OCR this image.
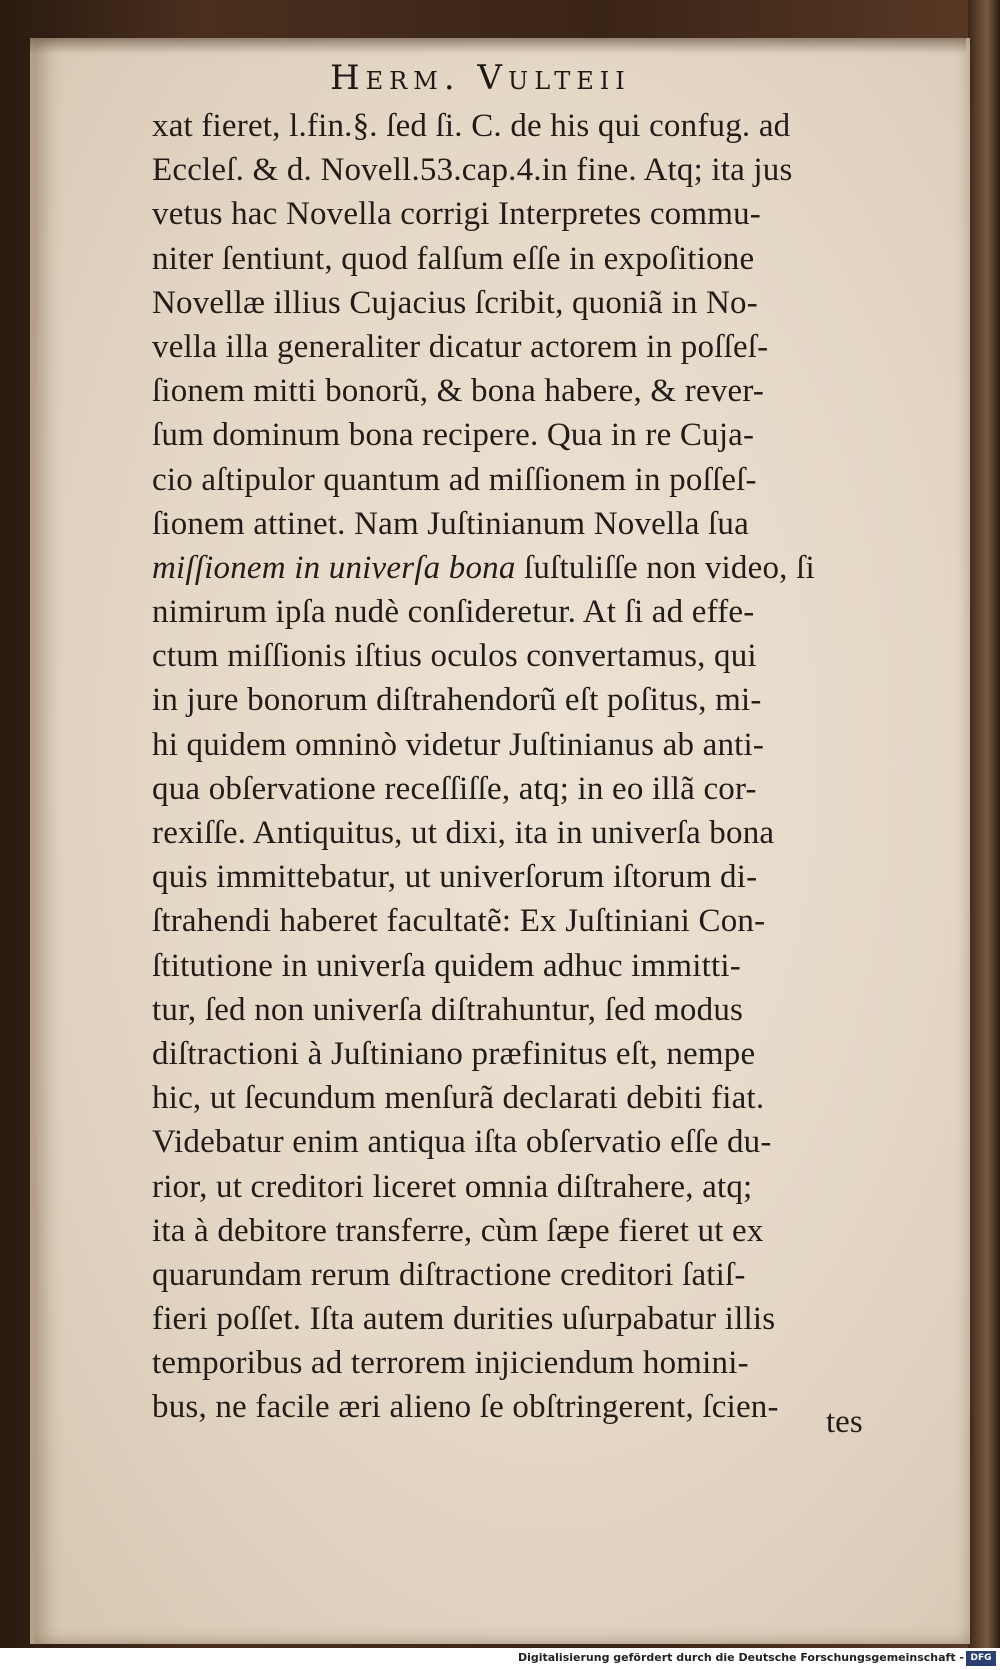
Herm. Vulteii
xat fieret, l.fin.§. ſed ſi. C. de his qui confug. ad
Eccleſ. & d. Novell.53.cap.4.in fine. Atq; ita jus
vetus hac Novella corrigi Interpretes commu-
niter ſentiunt, quod falſum eſſe in expoſitione
Novellæ illius Cujacius ſcribit, quoniã in No-
vella illa generaliter dicatur actorem in poſſeſ-
ſionem mitti bonorũ, & bona habere, & rever-
ſum dominum bona recipere. Qua in re Cuja-
cio aſtipulor quantum ad miſſionem in poſſeſ-
ſionem attinet. Nam Juſtinianum Novella ſua
miſſionem in univerſa bona ſuſtuliſſe non video, ſi
nimirum ipſa nudè conſideretur. At ſi ad effe-
ctum miſſionis iſtius oculos convertamus, qui
in jure bonorum diſtrahendorũ eſt poſitus, mi-
hi quidem omninò videtur Juſtinianus ab anti-
qua obſervatione receſſiſſe, atq; in eo illã cor-
rexiſſe. Antiquitus, ut dixi, ita in univerſa bona
quis immittebatur, ut univerſorum iſtorum di-
ſtrahendi haberet facultatẽ: Ex Juſtiniani Con-
ſtitutione in univerſa quidem adhuc immitti-
tur, ſed non univerſa diſtrahuntur, ſed modus
diſtractioni à Juſtiniano præfinitus eſt, nempe
hic, ut ſecundum menſurã declarati debiti fiat.
Videbatur enim antiqua iſta obſervatio eſſe du-
rior, ut creditori liceret omnia diſtrahere, atq;
ita à debitore transferre, cùm ſæpe fieret ut ex
quarundam rerum diſtractione creditori ſatiſ-
fieri poſſet. Iſta autem durities uſurpabatur illis
temporibus ad terrorem injiciendum homini-
bus, ne facile æri alieno ſe obſtringerent, ſcien-	tes
Digitalisierung gefördert durch die Deutsche Forschungsgemeinschaft - DFG
